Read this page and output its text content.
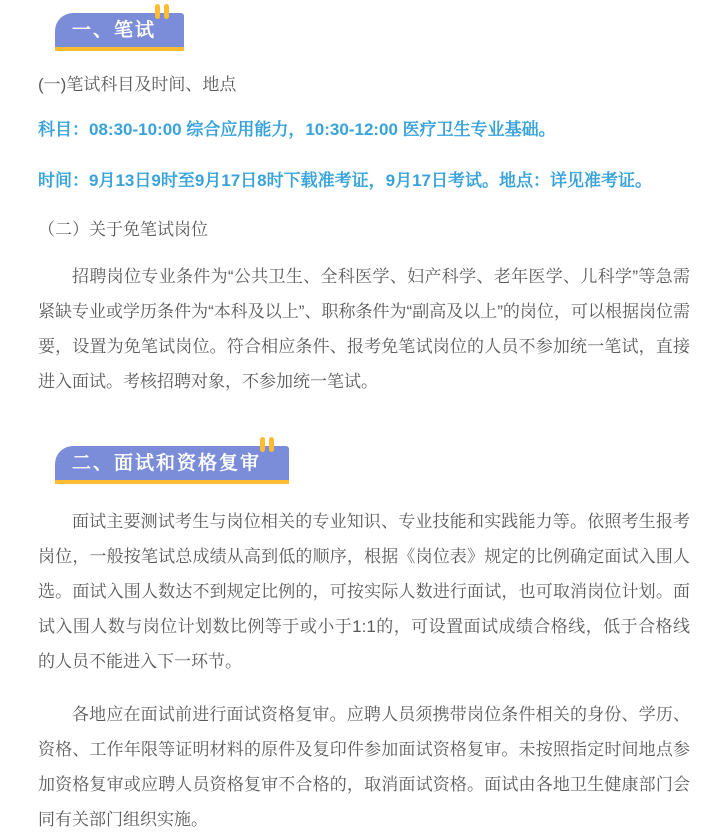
一、笔试

(一)笔试科目及时间、地点

科目：08:30-10:00 综合应用能力，10:30-12:00 医疗卫生专业基础。

时间：9月13日9时至9月17日8时下载准考证，9月17日考试。地点：详见准考证。

（二）关于免笔试岗位

招聘岗位专业条件为“公共卫生、全科医学、妇产科学、老年医学、儿科学”等急需紧缺专业或学历条件为“本科及以上”、职称条件为“副高及以上”的岗位，可以根据岗位需要，设置为免笔试岗位。符合相应条件、报考免笔试岗位的人员不参加统一笔试，直接进入面试。考核招聘对象，不参加统一笔试。

二、面试和资格复审

面试主要测试考生与岗位相关的专业知识、专业技能和实践能力等。依照考生报考岗位，一般按笔试总成绩从高到低的顺序，根据《岗位表》规定的比例确定面试入围人选。面试入围人数达不到规定比例的，可按实际人数进行面试，也可取消岗位计划。面试入围人数与岗位计划数比例等于或小于1:1的，可设置面试成绩合格线，低于合格线的人员不能进入下一环节。

各地应在面试前进行面试资格复审。应聘人员须携带岗位条件相关的身份、学历、资格、工作年限等证明材料的原件及复印件参加面试资格复审。未按照指定时间地点参加资格复审或应聘人员资格复审不合格的，取消面试资格。面试由各地卫生健康部门会同有关部门组织实施。
